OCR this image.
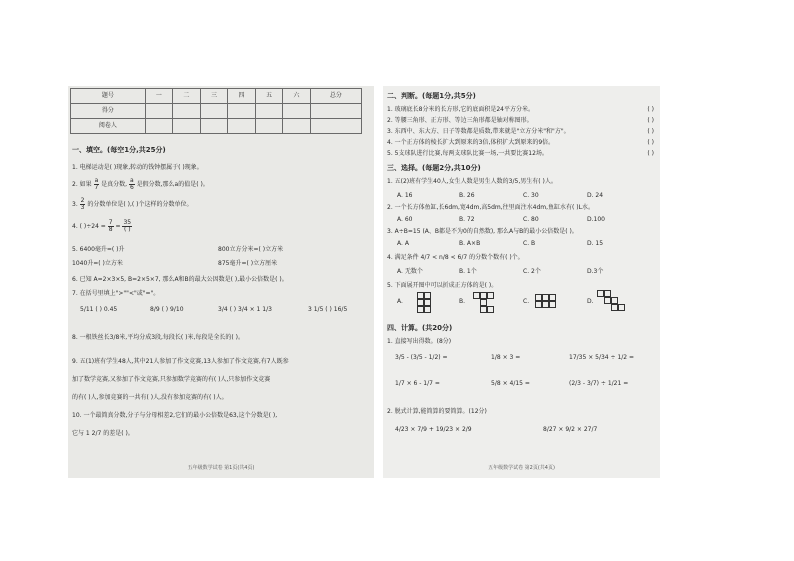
题号	一	二	三	四	五	六	总分
得分							
阅卷人							
一、填空。(每空1分,共25分)
1. 电梯运动是( )现象,转动的钱钟摆属于( )现象。
2. 如果 $\frac{a}{7}$ 是真分数, $\frac{a}{6}$ 是假分数,那么a的值是( )。
3. $\frac{2}{3}$ 的分数单位是( ),( )个这样的分数单位。
4. ( )$\div 24 = \frac{7}{8} = \frac{35}{( )}$
5. 6400毫升=( )升	800立方分米=( )立方米
1040升=( )立方米	875毫升=( )立方厘米
6. 已知 A=2×3×5, B=2×5×7, 那么A和B的最大公因数是( ),最小公倍数是( )。
7. 在括号里填上">""<"或"="。
5/11 ( ) 0.45	8/9 ( ) 9/10	3/4 ( ) 3/4 × 1 1/3	3 1/5 ( ) 16/5
8. 一根铁丝长3/8米,平均分成3段,每段长( )米,每段是全长的( )。
9. 五(1)班有学生48人,其中21人参加了作文竞赛,13人参加了作文竞赛,有7人既参
加了数学竞赛,又参加了作文竞赛,只参加数学竞赛的有( )人,只参加作文竞赛
的有( )人,参加竞赛的一共有( )人,没有参加竞赛的有( )人。
10. 一个最简真分数,分子与分母相差2,它们的最小公倍数是63,这个分数是( ),
它与 1 2/7 的差是( )。
五年级数学试卷 第1页(共4页)
二、判断。(每题1分,共5分)
1. 玻璃底长8分米的长方形,它的底面积是24平方分米。	( )
2. 等腰三角形、正方形、等边三角形都是轴对称图形。	( )
3. 东西中、东大方、日子等数都是质数,带来就是"立方分米"和"方"。	( )
4. 一个正方体的棱长扩大到原来的3倍,体积扩大到原来的9倍。	( )
5. 5支球队进行比赛,每两支球队比赛一场,一共要比赛12场。	( )
三、选择。(每题2分,共10分)
1. 五(2)班有学生40人,女生人数是男生人数的3/5,男生有( )人。
A. 16	B. 26	C. 30	D. 24
2. 一个长方体鱼缸,长6dm,宽4dm,高5dm,往里面注水4dm,鱼缸水有( )L水。
A. 60	B. 72	C. 80	D.100
3. A÷B=15 (A、B都是不为0的自然数), 那么A与B的最小公倍数是( )。
A. A	B. A×B	C. B	D. 15
4. 满足条件 4/7 < n/8 < 6/7 的分数个数有( )个。
A. 无数个	B. 1个	C. 2个	D.3个
5. 下面展开图中可以折成正方体的是( )。
A.	B.	C.	D.
四、计算。(共20分)
1. 直接写出得数。(8分)
3/5 - (3/5 - 1/2) =	1/8 × 3 =	17/35 × 5/34 ÷ 1/2 =
1/7 × 6 - 1/7 =	5/8 × 4/15 =	(2/3 - 3/7) ÷ 1/21 =
2. 脱式计算,能简算的要简算。(12分)
4/23 × 7/9 + 19/23 × 2/9	8/27 × 9/2 × 27/7
五年级数学试卷 第2页(共4页)
